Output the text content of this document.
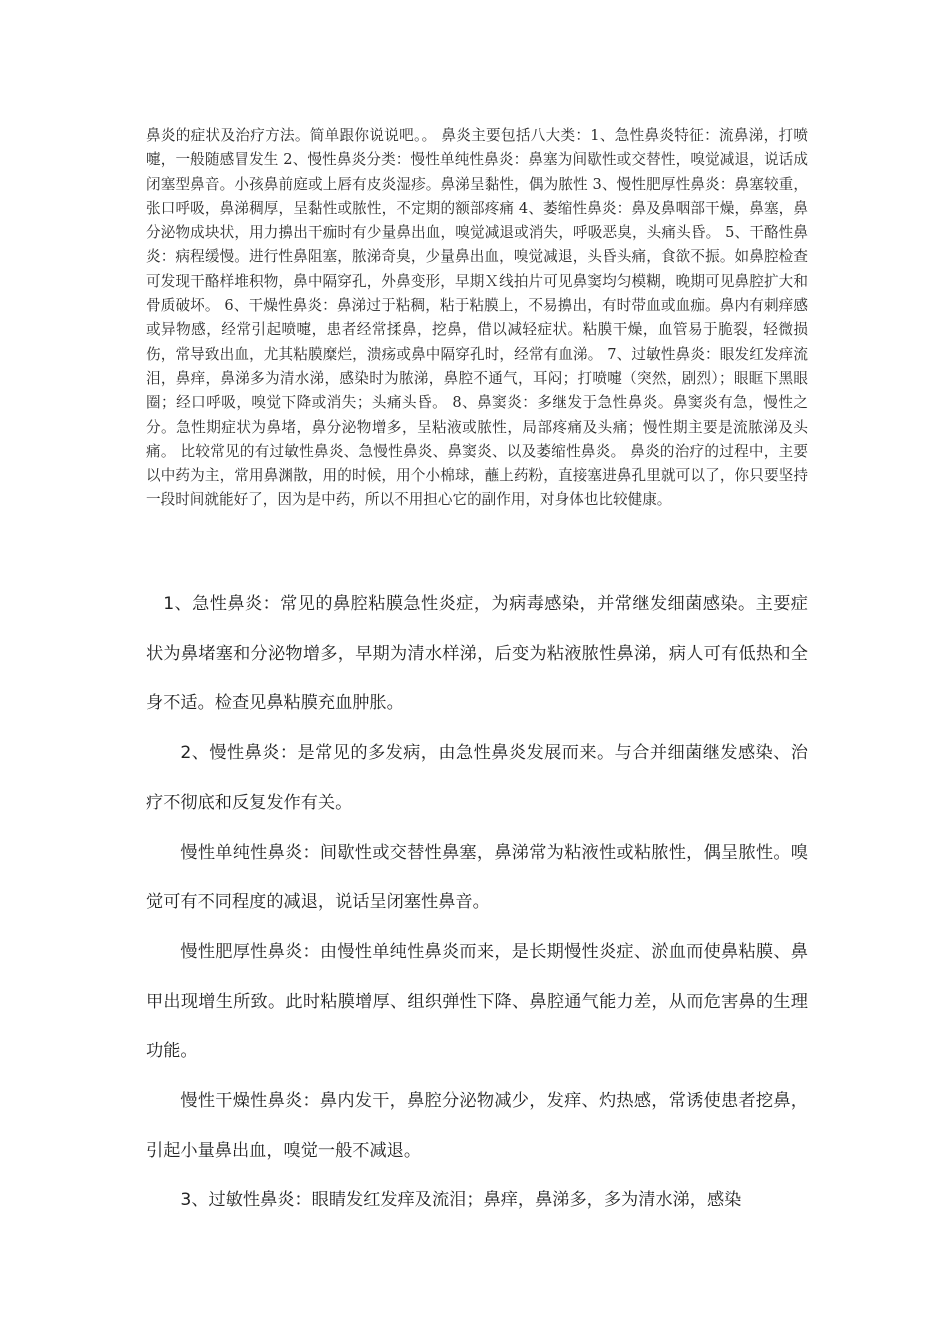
鼻炎的症状及治疗方法。简单跟你说说吧。。 鼻炎主要包括八大类：1、急性鼻炎特征：流鼻涕，打喷嚏，一般随感冒发生 2、慢性鼻炎分类：慢性单纯性鼻炎：鼻塞为间歇性或交替性，嗅觉减退，说话成闭塞型鼻音。小孩鼻前庭或上唇有皮炎湿疹。鼻涕呈黏性，偶为脓性 3、慢性肥厚性鼻炎：鼻塞较重，张口呼吸，鼻涕稠厚，呈黏性或脓性，不定期的额部疼痛 4、萎缩性鼻炎：鼻及鼻咽部干燥，鼻塞，鼻分泌物成块状，用力擤出干痂时有少量鼻出血，嗅觉减退或消失，呼吸恶臭，头痛头昏。 5、干酪性鼻炎：病程缓慢。进行性鼻阻塞，脓涕奇臭，少量鼻出血，嗅觉减退，头昏头痛，食欲不振。如鼻腔检查可发现干酪样堆积物，鼻中隔穿孔，外鼻变形，早期Ｘ线拍片可见鼻窦均匀模糊，晚期可见鼻腔扩大和骨质破坏。 6、干燥性鼻炎：鼻涕过于粘稠，粘于粘膜上，不易擤出，有时带血或血痂。鼻内有刺痒感或异物感，经常引起喷嚏，患者经常揉鼻，挖鼻，借以减轻症状。粘膜干燥，血管易于脆裂，轻微损伤，常导致出血，尤其粘膜糜烂，溃疡或鼻中隔穿孔时，经常有血涕。 7、过敏性鼻炎：眼发红发痒流泪，鼻痒，鼻涕多为清水涕，感染时为脓涕，鼻腔不通气，耳闷；打喷嚏（突然，剧烈）；眼眶下黑眼圈；经口呼吸，嗅觉下降或消失；头痛头昏。 8、鼻窦炎：多继发于急性鼻炎。鼻窦炎有急，慢性之分。急性期症状为鼻堵，鼻分泌物增多，呈粘液或脓性，局部疼痛及头痛；慢性期主要是流脓涕及头痛。 比较常见的有过敏性鼻炎、急慢性鼻炎、鼻窦炎、以及萎缩性鼻炎。 鼻炎的治疗的过程中，主要以中药为主，常用鼻渊散，用的时候，用个小棉球，蘸上药粉，直接塞进鼻孔里就可以了，你只要坚持一段时间就能好了，因为是中药，所以不用担心它的副作用，对身体也比较健康。

1、急性鼻炎：常见的鼻腔粘膜急性炎症，为病毒感染，并常继发细菌感染。主要症状为鼻堵塞和分泌物增多，早期为清水样涕，后变为粘液脓性鼻涕，病人可有低热和全身不适。检查见鼻粘膜充血肿胀。

2、慢性鼻炎：是常见的多发病，由急性鼻炎发展而来。与合并细菌继发感染、治疗不彻底和反复发作有关。

慢性单纯性鼻炎：间歇性或交替性鼻塞，鼻涕常为粘液性或粘脓性，偶呈脓性。嗅觉可有不同程度的减退，说话呈闭塞性鼻音。

慢性肥厚性鼻炎：由慢性单纯性鼻炎而来，是长期慢性炎症、淤血而使鼻粘膜、鼻甲出现增生所致。此时粘膜增厚、组织弹性下降、鼻腔通气能力差，从而危害鼻的生理功能。

慢性干燥性鼻炎：鼻内发干，鼻腔分泌物减少，发痒、灼热感，常诱使患者挖鼻，引起小量鼻出血，嗅觉一般不减退。

3、过敏性鼻炎：眼睛发红发痒及流泪；鼻痒，鼻涕多，多为清水涕，感染
